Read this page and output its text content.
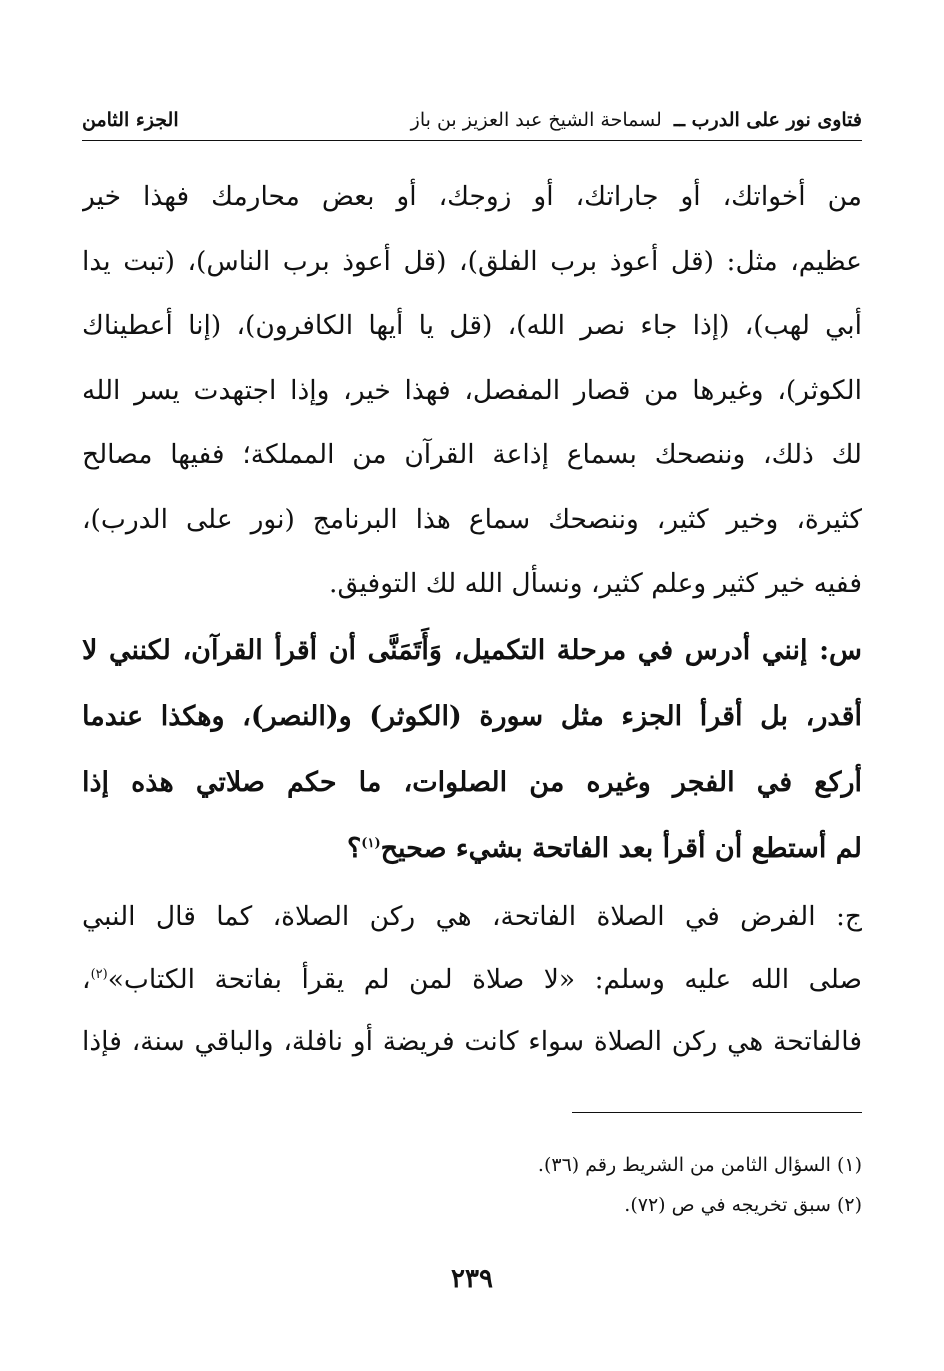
فتاوى نور على الدرب ــ لسماحة الشيخ عبد العزيز بن باز
الجزء الثامن
من أخواتك، أو جاراتك، أو زوجك، أو بعض محارمك فهذا خير
عظيم، مثل: (قل أعوذ برب الفلق)، (قل أعوذ برب الناس)، (تبت يدا
أبي لهب)، (إذا جاء نصر الله)، (قل يا أيها الكافرون)، (إنا أعطيناك
الكوثر)، وغيرها من قصار المفصل، فهذا خير، وإذا اجتهدت يسر الله
لك ذلك، وننصحك بسماع إذاعة القرآن من المملكة؛ ففيها مصالح
كثيرة، وخير كثير، وننصحك سماع هذا البرنامج (نور على الدرب)،
ففيه خير كثير وعلم كثير، ونسأل الله لك التوفيق.
س: إنني أدرس في مرحلة التكميل، وَأَتَمَنَّى أن أقرأ القرآن، لكنني لا
أقدر، بل أقرأ الجزء مثل سورة (الكوثر) و(النصر)، وهكذا عندما
أركع في الفجر وغيره من الصلوات، ما حكم صلاتي هذه إذا
لم أستطع أن أقرأ بعد الفاتحة بشيء صحيح$^{(١)}$؟
ج: الفرض في الصلاة الفاتحة، هي ركن الصلاة، كما قال النبي
صلى الله عليه وسلم: «لا صلاة لمن لم يقرأ بفاتحة الكتاب»$^{(٢)}$،
فالفاتحة هي ركن الصلاة سواء كانت فريضة أو نافلة، والباقي سنة، فإذا
(١) السؤال الثامن من الشريط رقم (٣٦).
(٢) سبق تخريجه في ص (٧٢).
٢٣٩
